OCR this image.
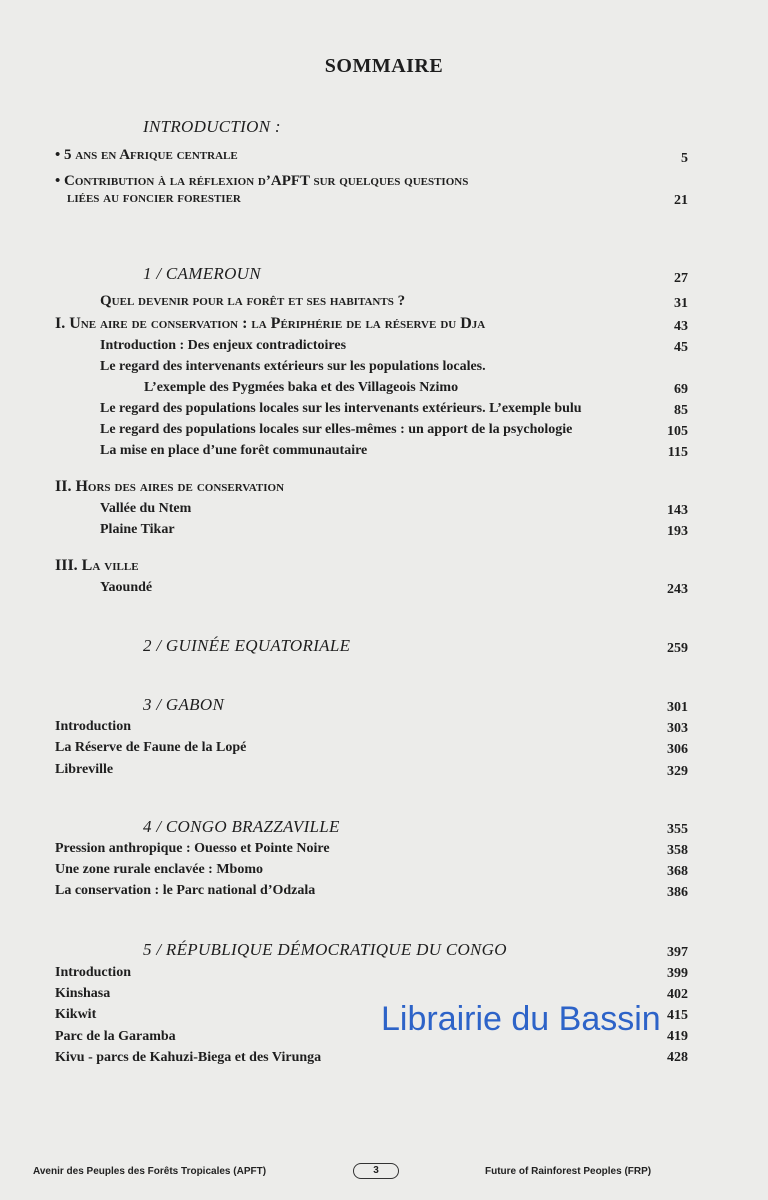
SOMMAIRE
INTRODUCTION :
• 5 ans en Afrique centrale	5
• Contribution à la réflexion d’APFT sur quelques questions
liées au foncier forestier	21
1 / CAMEROUN	27
Quel devenir pour la forêt et ses habitants ?	31
I. Une aire de conservation : la Périphérie de la réserve du Dja	43
Introduction : Des enjeux contradictoires	45
Le regard des intervenants extérieurs sur les populations locales.
L’exemple des Pygmées baka et des Villageois Nzimo	69
Le regard des populations locales sur les intervenants extérieurs. L’exemple bulu	85
Le regard des populations locales sur elles-mêmes : un apport de la psychologie	105
La mise en place d’une forêt communautaire	115
II. Hors des aires de conservation
Vallée du Ntem	143
Plaine Tikar	193
III. La ville
Yaoundé	243
2 / GUINÉE EQUATORIALE	259
3 / GABON	301
Introduction	303
La Réserve de Faune de la Lopé	306
Libreville	329
4 / CONGO BRAZZAVILLE	355
Pression anthropique : Ouesso et Pointe Noire	358
Une zone rurale enclavée : Mbomo	368
La conservation : le Parc national d’Odzala	386
5 / RÉPUBLIQUE DÉMOCRATIQUE DU CONGO	397
Introduction	399
Kinshasa	402
Kikwit	415
Parc de la Garamba	419
Kivu - parcs de Kahuzi-Biega et des Virunga	428
Librairie du Bassin
Avenir des Peuples des Forêts Tropicales (APFT)	3	Future of Rainforest Peoples (FRP)
